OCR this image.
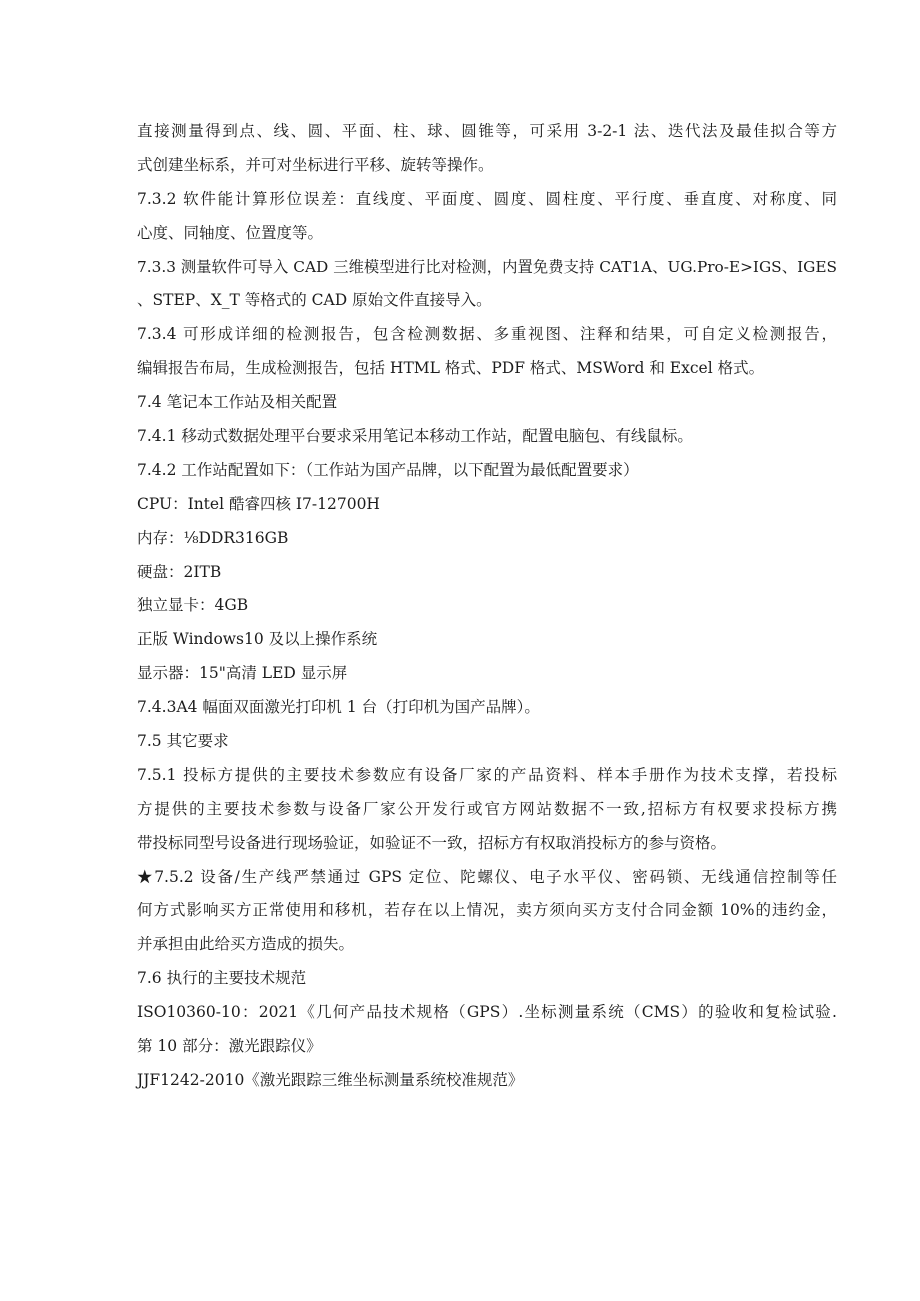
直接测量得到点、线、圆、平面、柱、球、圆锥等，可采用 3-2-1 法、迭代法及最佳拟合等方
式创建坐标系，并可对坐标进行平移、旋转等操作。
7.3.2 软件能计算形位误差：直线度、平面度、圆度、圆柱度、平行度、垂直度、对称度、同
心度、同轴度、位置度等。
7.3.3 测量软件可导入 CAD 三维模型进行比对检测，内置免费支持 CAT1A、UG.Pro-E>IGS、IGES
、STEP、X_T 等格式的 CAD 原始文件直接导入。
7.3.4 可形成详细的检测报告，包含检测数据、多重视图、注释和结果，可自定义检测报告，
编辑报告布局，生成检测报告，包括 HTML 格式、PDF 格式、MSWord 和 Excel 格式。
7.4 笔记本工作站及相关配置
7.4.1 移动式数据处理平台要求采用笔记本移动工作站，配置电脑包、有线鼠标。
7.4.2 工作站配置如下：（工作站为国产品牌，以下配置为最低配置要求）
CPU：Intel 酷睿四核 I7-12700H
内存：⅛DDR316GB
硬盘：2ITB
独立显卡：4GB
正版 Windows10 及以上操作系统
显示器：15"高清 LED 显示屏
7.4.3A4 幅面双面激光打印机 1 台（打印机为国产品牌）。
7.5 其它要求
7.5.1 投标方提供的主要技术参数应有设备厂家的产品资料、样本手册作为技术支撑，若投标
方提供的主要技术参数与设备厂家公开发行或官方网站数据不一致,招标方有权要求投标方携
带投标同型号设备进行现场验证，如验证不一致，招标方有权取消投标方的参与资格。
★7.5.2 设备/生产线严禁通过 GPS 定位、陀螺仪、电子水平仪、密码锁、无线通信控制等任
何方式影响买方正常使用和移机，若存在以上情况，卖方须向买方支付合同金额 10%的违约金，
并承担由此给买方造成的损失。
7.6 执行的主要技术规范
ISO10360-10：2021《几何产品技术规格（GPS）.坐标测量系统（CMS）的验收和复检试验.
第 10 部分：激光跟踪仪》
JJF1242-2010《激光跟踪三维坐标测量系统校准规范》
